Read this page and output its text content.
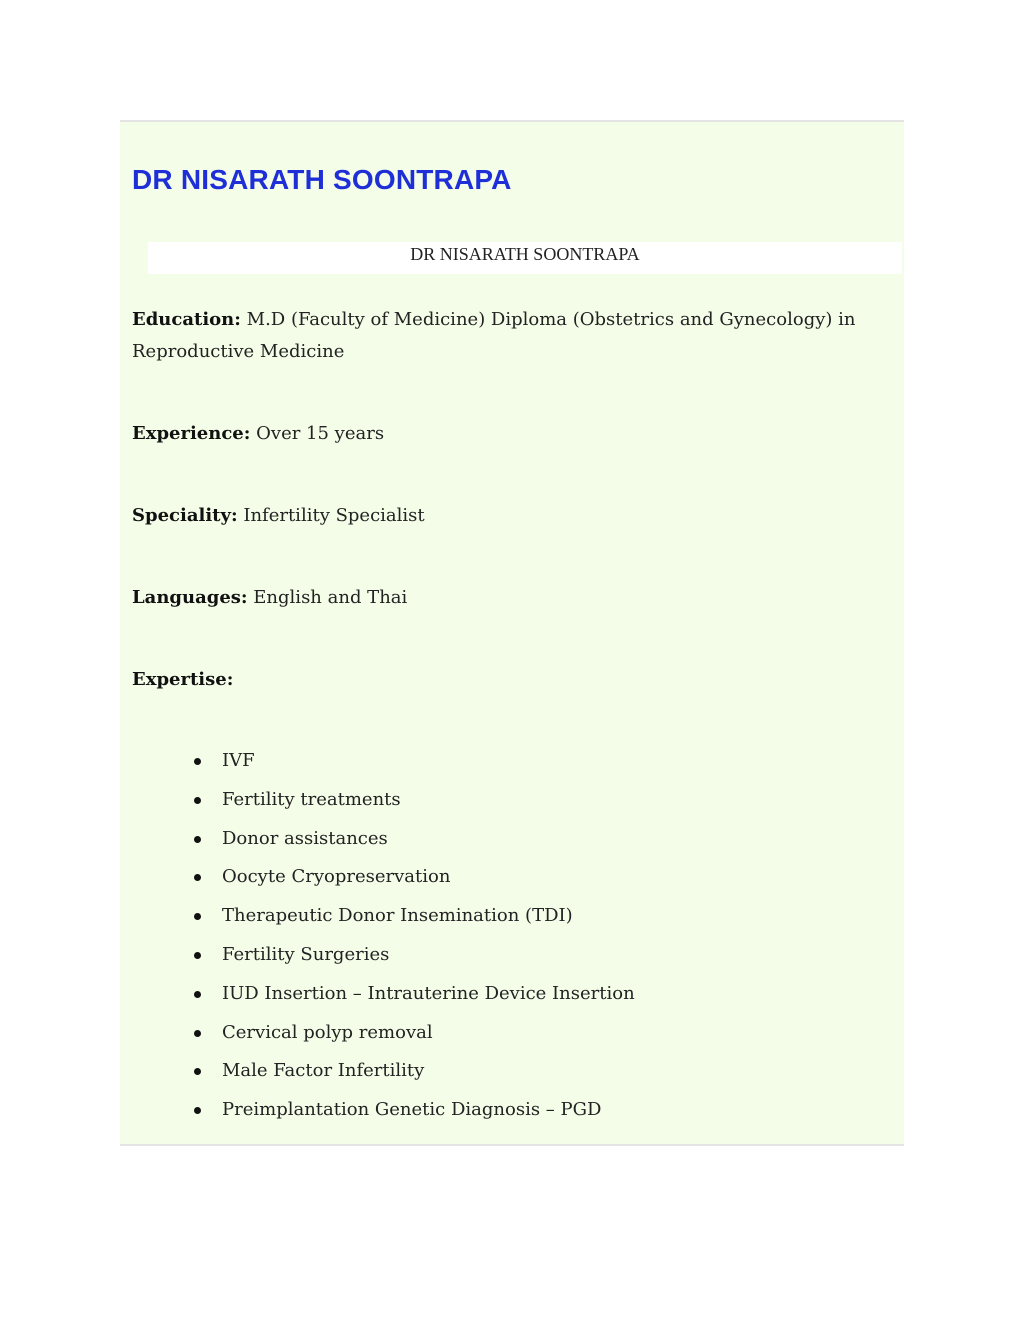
DR NISARATH SOONTRAPA
DR NISARATH SOONTRAPA
Education: M.D (Faculty of Medicine) Diploma (Obstetrics and Gynecology) in Reproductive Medicine
Experience: Over 15 years
Speciality: Infertility Specialist
Languages: English and Thai
Expertise:
IVF
Fertility treatments
Donor assistances
Oocyte Cryopreservation
Therapeutic Donor Insemination (TDI)
Fertility Surgeries
IUD Insertion – Intrauterine Device Insertion
Cervical polyp removal
Male Factor Infertility
Preimplantation Genetic Diagnosis – PGD
